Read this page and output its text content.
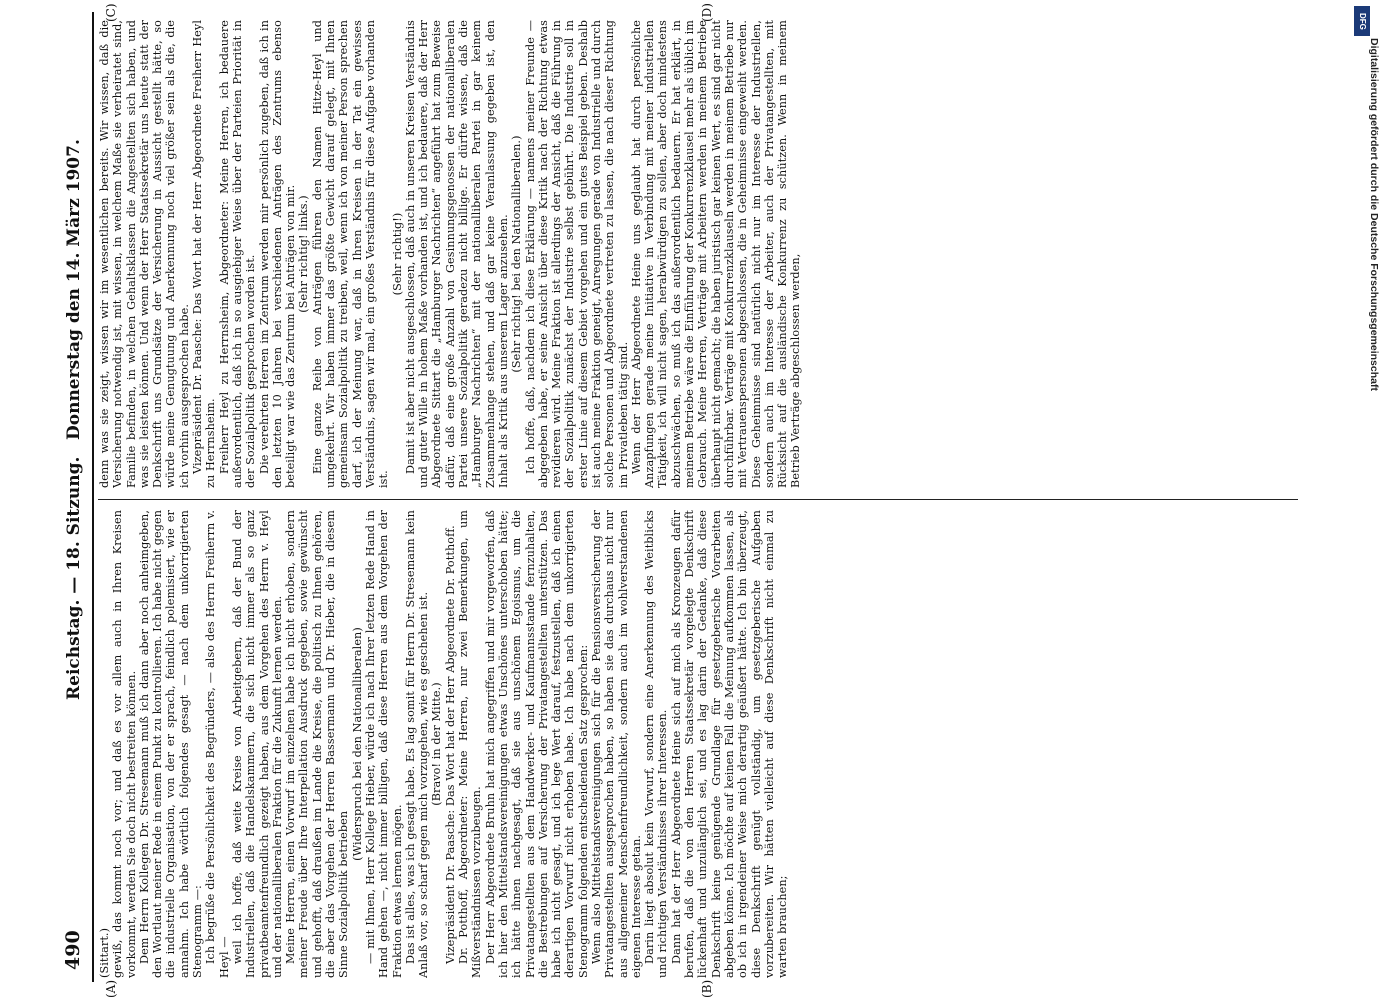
490
Reichstag. — 18. Sitzung.
Donnerstag den 14. März 1907.
(A)	(B)
(C)	(D)

(Sittart.) gewiß, das kommt noch vor; und daß es vor allem auch in Ihren Kreisen vorkommt, werden Sie doch nicht bestreiten können. Dem Herrn Kollegen Dr. Stresemann muß ich dann aber noch anheimgeben, den Wortlaut meiner Rede in einem Punkt zu kontrollieren. Ich habe nicht gegen die industrielle Organisation, von der er sprach, feindlich polemisiert, wie er annahm. Ich habe wörtlich folgendes gesagt — nach dem unkorrigierten Stenogramm —: Ich begrüße die Persönlichkeit des Begründers, — also des Herrn Freiherrn v. Heyl — weil ich hoffe, daß weite Kreise von Arbeitgebern, daß der Bund der Industriellen, daß die Handelskammern, die sich nicht immer als so ganz privatbeamtenfreundlich gezeigt haben, aus dem Vorgehen des Herrn v. Heyl und der nationalliberalen Fraktion für die Zukunft lernen werden. Meine Herren, einen Vorwurf im einzelnen habe ich nicht erhoben, sondern meiner Freude über Ihre Interpellation Ausdruck gegeben, sowie gewünscht und gehofft, daß draußen im Lande die Kreise, die politisch zu Ihnen gehören, die aber das Vorgehen der Herren Bassermann und Dr. Hieber, die in diesem Sinne Sozialpolitik betrieben

(Widerspruch bei den Nationalliberalen) — mit Ihnen, Herr Kollege Hieber, würde ich nach Ihrer letzten Rede Hand in Hand gehen —, nicht immer billigen, daß diese Herren aus dem Vorgehen der Fraktion etwas lernen mögen. Das ist alles, was ich gesagt habe. Es lag somit für Herrn Dr. Stresemann kein Anlaß vor, so scharf gegen mich vorzugehen, wie es geschehen ist. (Bravo! in der Mitte.) Vizepräsident Dr. Paasche: Das Wort hat der Herr Abgeordnete Dr. Potthoff. Dr. Potthoff, Abgeordneter: Meine Herren, nur zwei Bemerkungen, um Mißverständnissen vorzubeugen. Der Herr Abgeordnete Bruhn hat mich angegriffen und mir vorgeworfen, daß ich hier den Mittelstandsvereinigungen etwas Unschönes unterschoben hätte; ich hätte ihnen nachgesagt, daß sie aus unschönem Egoismus, um die Privatangestellten aus dem Handwerker- und Kaufmannsstande fernzuhalten, die Bestrebungen auf Versicherung der Privatangestellten unterstützen. Das habe ich nicht gesagt, und ich lege Wert darauf, festzustellen, daß ich einen derartigen Vorwurf nicht erhoben habe. Ich habe nach dem unkorrigierten Stenogramm folgenden entscheidenden Satz gesprochen: Wenn also Mittelstandsvereinigungen sich für die Pensionsversicherung der Privatangestellten ausgesprochen haben, so haben sie das durchaus nicht nur aus allgemeiner Menschenfreundlichkeit, sondern auch im wohlverstandenen eigenen Interesse getan. Darin liegt absolut kein Vorwurf, sondern eine Anerkennung des Weitblicks und richtigen Verständnisses ihrer Interessen. Dann hat der Herr Abgeordnete Heine sich auf mich als Kronzeugen dafür berufen, daß die von den Herren Staatssekretär vorgelegte Denkschrift lückenhaft und unzulänglich sei, und es lag darin der Gedanke, daß diese Denkschrift keine genügende Grundlage für gesetzgeberische Vorarbeiten abgeben könne. Ich möchte auf keinen Fall die Meinung aufkommen lassen, als ob ich in irgendeiner Weise mich derartig geäußert hätte. Ich bin überzeugt, diese Denkschrift genügt vollständig, um gesetzgeberische Aufgaben vorzubereiten. Wir hätten vielleicht auf diese Denkschrift nicht einmal zu warten brauchen;

denn was sie zeigt, wissen wir im wesentlichen bereits. Wir wissen, daß die Versicherung notwendig ist, mit wissen, in welchem Maße sie verheiratet sind, Familie befinden, in welchen Gehaltsklassen die Angestellten sich haben, und was sie leisten können. Und wenn der Herr Staatssekretär uns heute statt der Denkschrift uns Grundsätze der Versicherung in Aussicht gestellt hätte, so würde meine Genugtuung und Anerkennung noch viel größer sein als die, die ich vorhin ausgesprochen habe. Vizepräsident Dr. Paasche: Das Wort hat der Herr Abgeordnete Freiherr Heyl zu Herrnsheim. Freiherr Heyl zu Herrnsheim, Abgeordneter: Meine Herren, ich bedauere außerordentlich, daß ich in so ausgiebiger Weise über der Parteien Priorität in der Sozialpolitik gesprochen worden ist. Die verehrten Herren im Zentrum werden mir persönlich zugeben, daß ich in den letzten 10 Jahren bei verschiedenen Anträgen des Zentrums ebenso beteiligt war wie das Zentrum bei Anträgen von mir. (Sehr richtig! links.) Eine ganze Reihe von Anträgen führen den Namen Hitze-Heyl und umgekehrt. Wir haben immer das größte Gewicht darauf gelegt, mit Ihnen gemeinsam Sozialpolitik zu treiben, weil, wenn ich von meiner Person sprechen darf, ich der Meinung war, daß in Ihren Kreisen in der Tat ein gewisses Verständnis, sagen wir mal, ein großes Verständnis für diese Aufgabe vorhanden ist.

(Sehr richtig!) Damit ist aber nicht ausgeschlossen, daß auch in unseren Kreisen Verständnis und guter Wille in hohem Maße vorhanden ist, und ich bedauere, daß der Herr Abgeordnete Sittart die „Hamburger Nachrichten“ angeführt hat zum Beweise dafür, daß eine große Anzahl von Gesinnungsgenossen der nationalliberalen Partei unsere Sozialpolitik geradezu nicht billige. Er dürfte wissen, daß die „Hamburger Nachrichten“ mit der nationalliberalen Partei in gar keinem Zusammenhange stehen, und daß gar keine Veranlassung gegeben ist, den Inhalt als Kritik aus unserem Lager anzusehen. (Sehr richtig! bei den Nationalliberalen.) Ich hoffe, daß, nachdem ich diese Erklärung — namens meiner Freunde — abgegeben habe, er seine Ansicht über diese Kritik nach der Richtung etwas revidieren wird. Meine Fraktion ist allerdings der Ansicht, daß die Führung in der Sozialpolitik zunächst der Industrie selbst gebührt. Die Industrie soll in erster Linie auf diesem Gebiet vorgehen und ein gutes Beispiel geben. Deshalb ist auch meine Fraktion geneigt, Anregungen gerade von Industrielle und durch solche Personen und Abgeordnete vertreten zu lassen, die nach dieser Richtung im Privatleben tätig sind. Wenn der Herr Abgeordnete Heine uns geglaubt hat durch persönliche Anzapfungen gerade meine Initiative in Verbindung mit meiner industriellen Tätigkeit, ich will nicht sagen, herabwürdigen zu sollen, aber doch mindestens abzuschwächen, so muß ich das außerordentlich bedauern. Er hat erklärt, in meinem Betriebe wäre die Einführung der Konkurrenzklausel mehr als üblich im Gebrauch. Meine Herren, Verträge mit Arbeitern werden in meinem Betriebe überhaupt nicht gemacht; die haben juristisch gar keinen Wert, es sind gar nicht durchführbar. Verträge mit Konkurrenzklauseln werden in meinem Betriebe nur mit Vertrauenspersonen abgeschlossen, die in Geheimnisse eingeweiht werden. Diese Geheimnisse sind natürlich nicht nur im Interesse der Industriellen, sondern auch im Interesse der Arbeiter, auch der Privatangestellten, mit Rücksicht auf die ausländische Konkurrenz zu schützen. Wenn in meinem Betrieb Verträge abgeschlossen werden,

DFG
Digitalisierung gefördert durch die Deutsche Forschungsgemeinschaft
